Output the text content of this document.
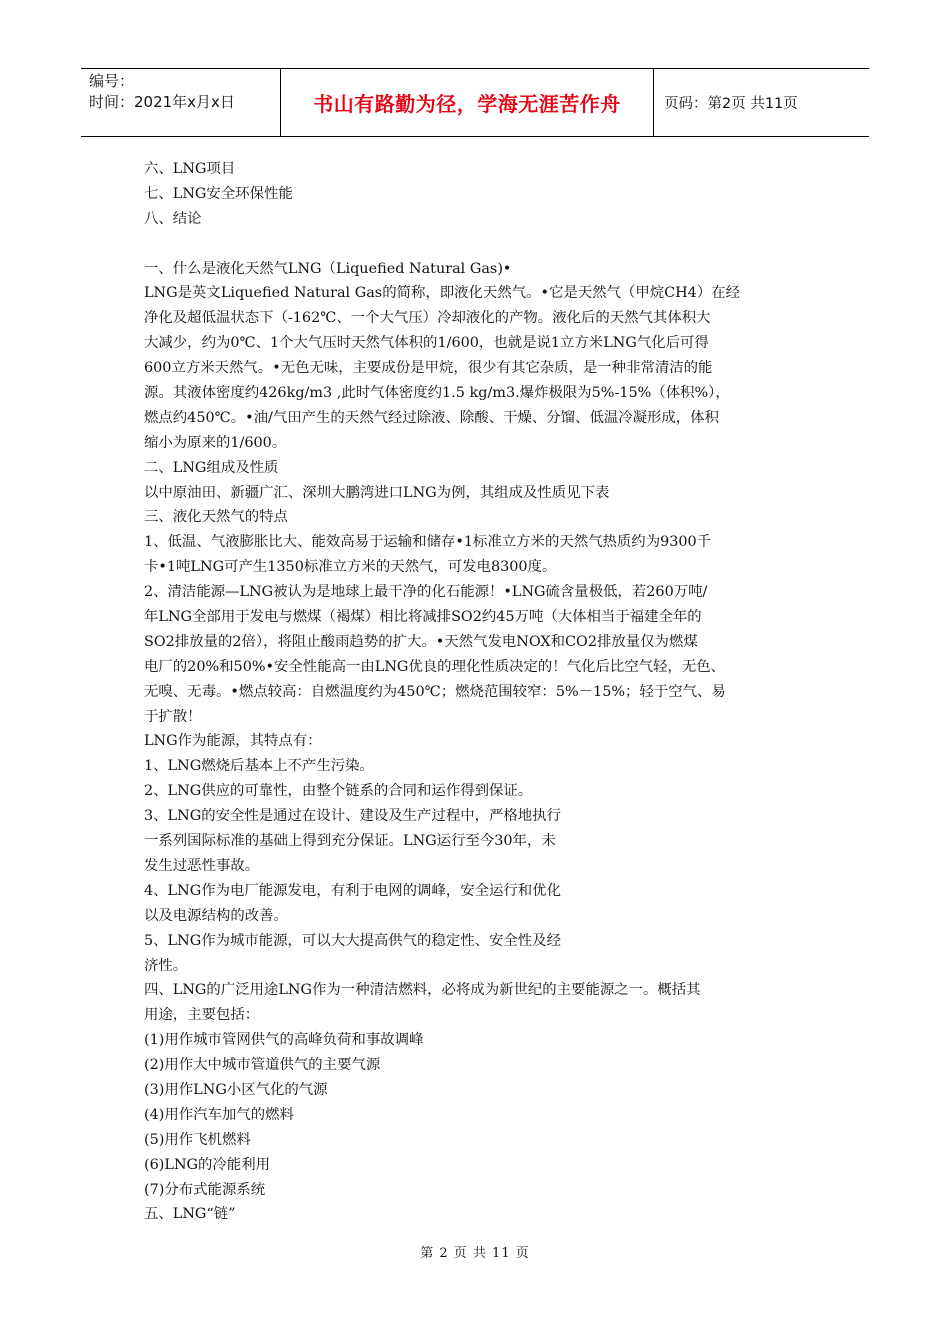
编号：
时间：2021年x月x日	书山有路勤为径，学海无涯苦作舟	页码：第2页 共11页
六、LNG项目
七、LNG安全环保性能
八、结论
一、什么是液化天然气LNG（Liquefied Natural Gas)•
LNG是英文Liquefied Natural Gas的简称，即液化天然气。•它是天然气（甲烷CH4）在经
净化及超低温状态下（-162℃、一个大气压）冷却液化的产物。液化后的天然气其体积大
大减少，约为0℃、1个大气压时天然气体积的1/600，也就是说1立方米LNG气化后可得
600立方米天然气。•无色无味，主要成份是甲烷，很少有其它杂质，是一种非常清洁的能
源。其液体密度约426kg/m3 ,此时气体密度约1.5 kg/m3.爆炸极限为5%-15%（体积%），
燃点约450℃。•油/气田产生的天然气经过除液、除酸、干燥、分馏、低温冷凝形成，体积
缩小为原来的1/600。
二、LNG组成及性质
以中原油田、新疆广汇、深圳大鹏湾进口LNG为例，其组成及性质见下表
三、液化天然气的特点
1、低温、气液膨胀比大、能效高易于运输和储存•1标准立方米的天然气热质约为9300千
卡•1吨LNG可产生1350标准立方米的天然气，可发电8300度。
2、清洁能源—LNG被认为是地球上最干净的化石能源！•LNG硫含量极低，若260万吨/
年LNG全部用于发电与燃煤（褐煤）相比将减排SO2约45万吨（大体相当于福建全年的
SO2排放量的2倍），将阻止酸雨趋势的扩大。•天然气发电NOX和CO2排放量仅为燃煤
电厂的20%和50%•安全性能高一由LNG优良的理化性质决定的！气化后比空气轻，无色、
无嗅、无毒。•燃点较高：自燃温度约为450℃；燃烧范围较窄：5%－15%；轻于空气、易
于扩散！
LNG作为能源，其特点有：
1、LNG燃烧后基本上不产生污染。
2、LNG供应的可靠性，由整个链系的合同和运作得到保证。
3、LNG的安全性是通过在设计、建设及生产过程中，严格地执行
一系列国际标准的基础上得到充分保证。LNG运行至今30年，未
发生过恶性事故。
4、LNG作为电厂能源发电，有利于电网的调峰，安全运行和优化
以及电源结构的改善。
5、LNG作为城市能源，可以大大提高供气的稳定性、安全性及经
济性。
四、LNG的广泛用途LNG作为一种清洁燃料，必将成为新世纪的主要能源之一。概括其
用途，主要包括：
(1)用作城市管网供气的高峰负荷和事故调峰
(2)用作大中城市管道供气的主要气源
(3)用作LNG小区气化的气源
(4)用作汽车加气的燃料
(5)用作飞机燃料
(6)LNG的冷能利用
(7)分布式能源系统
五、LNG“链”
第 2 页 共 11 页
